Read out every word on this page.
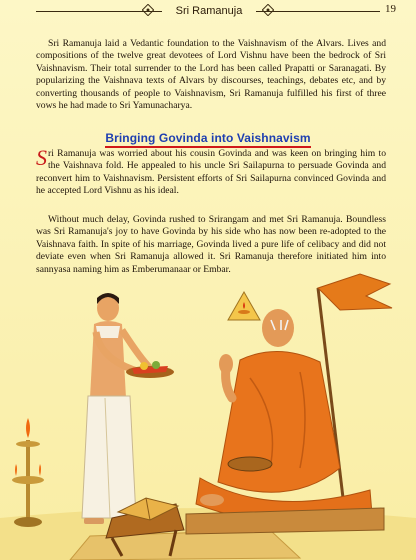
Sri Ramanuja	19

Sri Ramanuja laid a Vedantic foundation to the Vaishnavism of the Alvars. Lives and compositions of the twelve great devotees of Lord Vishnu have been the bedrock of Sri Vaishnavism. Their total surrender to the Lord has been called Prapatti or Saranagati. By popularizing the Vaishnava texts of Alvars by discourses, teachings, debates etc, and by converting thousands of people to Vaishnavism, Sri Ramanuja fulfilled his first of three vows he had made to Sri Yamunacharya.

Bringing Govinda into Vaishnavism

Sri Ramanuja was worried about his cousin Govinda and was keen on bringing him to the Vaishnava fold. He appealed to his uncle Sri Sailapurna to persuade Govinda and reconvert him to Vaishnavism. Persistent efforts of Sri Sailapurna convinced Govinda and he accepted Lord Vishnu as his ideal.

Without much delay, Govinda rushed to Srirangam and met Sri Ramanuja. Boundless was Sri Ramanuja's joy to have Govinda by his side who has now been re-adopted to the Vaishnava faith. In spite of his marriage, Govinda lived a pure life of celibacy and did not deviate even when Sri Ramanuja allowed it. Sri Ramanuja therefore initiated him into sannyasa naming him as Emberumanaar or Embar.
